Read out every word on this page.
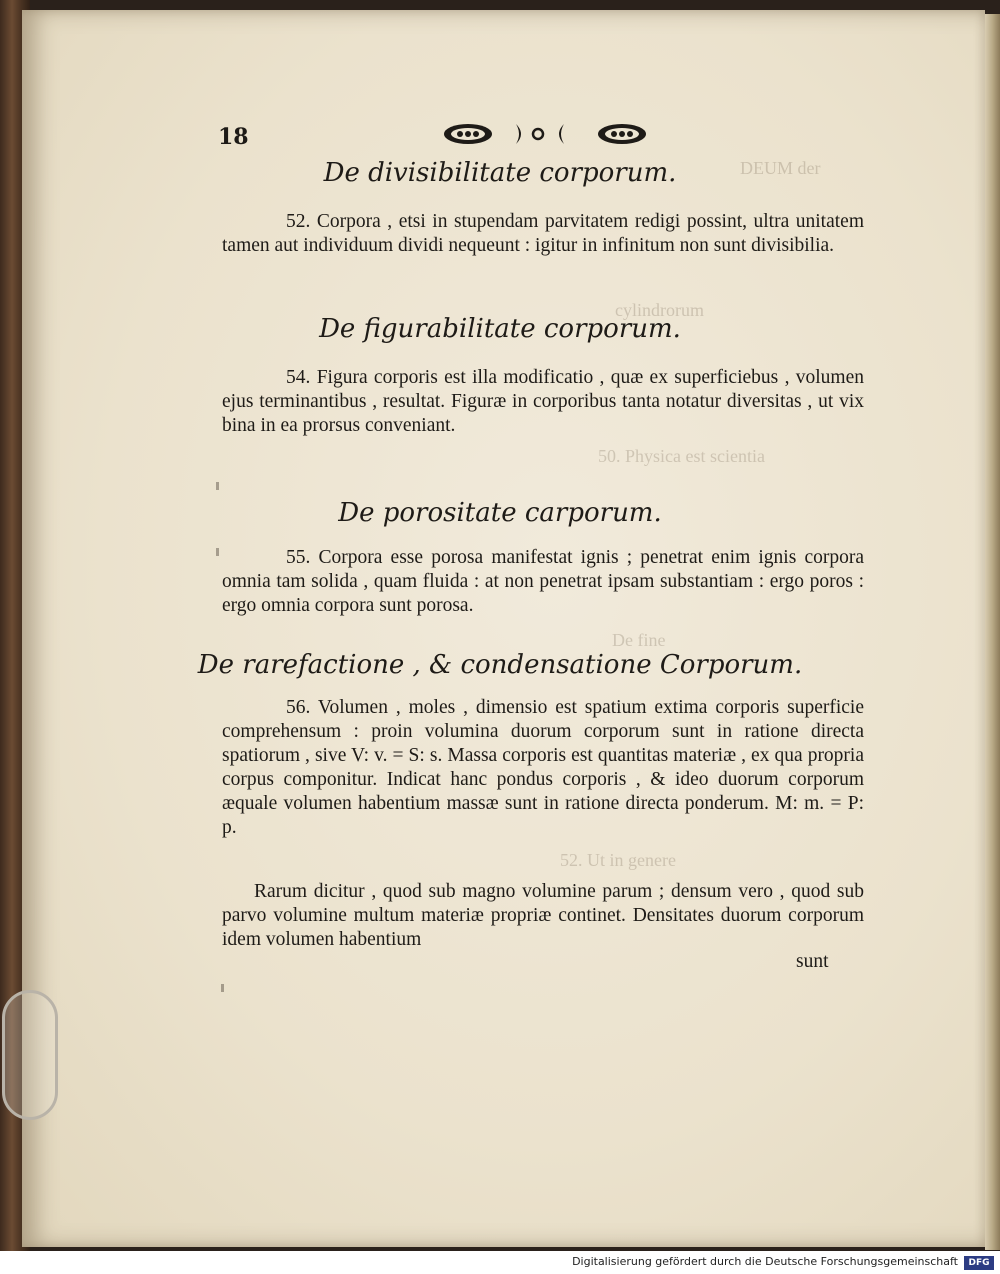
DEUM der
cylindrorum
50. Physica est scientia
De fine
52. Ut in genere
18
De divisibilitate corporum.
52. Corpora , etsi in stupendam parvitatem redigi possint, ultra unitatem tamen aut individuum dividi nequeunt : igitur in infinitum non sunt divisibilia.
De figurabilitate corporum.
54. Figura corporis est illa modificatio , quæ ex superficiebus , volumen ejus terminantibus , resultat. Figuræ in corporibus tanta notatur diversitas , ut vix bina in ea prorsus conveniant.
De porositate carporum.
55. Corpora esse porosa manifestat ignis ; penetrat enim ignis corpora omnia tam solida , quam fluida : at non penetrat ipsam substantiam : ergo poros : ergo omnia corpora sunt porosa.
De rarefactione , & condensatione Corporum.
56. Volumen , moles , dimensio est spatium extima corporis superficie comprehensum : proin volumina duorum corporum sunt in ratione directa spatiorum , sive V: v. = S: s. Massa corporis est quantitas materiæ , ex qua propria corpus componitur. Indicat hanc pondus corporis , & ideo duorum corporum æquale volumen habentium massæ sunt in ratione directa ponderum. M: m. = P: p.
Rarum dicitur , quod sub magno volumine parum ; densum vero , quod sub parvo volumine multum materiæ propriæ continet. Densitates duorum corporum idem volumen habentium
sunt
Digitalisierung gefördert durch die Deutsche Forschungsgemeinschaft	DFG
